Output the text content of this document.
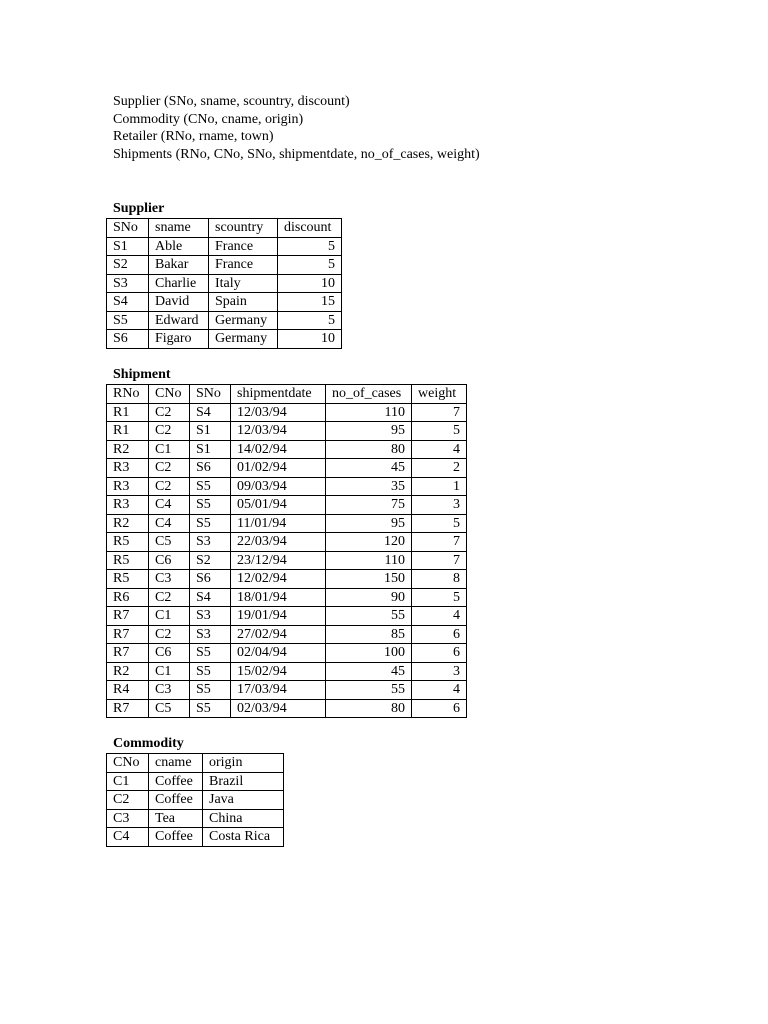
Supplier (SNo, sname, scountry, discount)
Commodity (CNo, cname, origin)
Retailer (RNo, rname, town)
Shipments (RNo, CNo, SNo, shipmentdate, no_of_cases, weight)
Supplier
SNo	sname	scountry	discount
S1	Able	France	5
S2	Bakar	France	5
S3	Charlie	Italy	10
S4	David	Spain	15
S5	Edward	Germany	5
S6	Figaro	Germany	10
Shipment
RNo	CNo	SNo	shipmentdate	no_of_cases	weight
R1	C2	S4	12/03/94	110	7
R1	C2	S1	12/03/94	95	5
R2	C1	S1	14/02/94	80	4
R3	C2	S6	01/02/94	45	2
R3	C2	S5	09/03/94	35	1
R3	C4	S5	05/01/94	75	3
R2	C4	S5	11/01/94	95	5
R5	C5	S3	22/03/94	120	7
R5	C6	S2	23/12/94	110	7
R5	C3	S6	12/02/94	150	8
R6	C2	S4	18/01/94	90	5
R7	C1	S3	19/01/94	55	4
R7	C2	S3	27/02/94	85	6
R7	C6	S5	02/04/94	100	6
R2	C1	S5	15/02/94	45	3
R4	C3	S5	17/03/94	55	4
R7	C5	S5	02/03/94	80	6
Commodity
CNo	cname	origin
C1	Coffee	Brazil
C2	Coffee	Java
C3	Tea	China
C4	Coffee	Costa Rica
